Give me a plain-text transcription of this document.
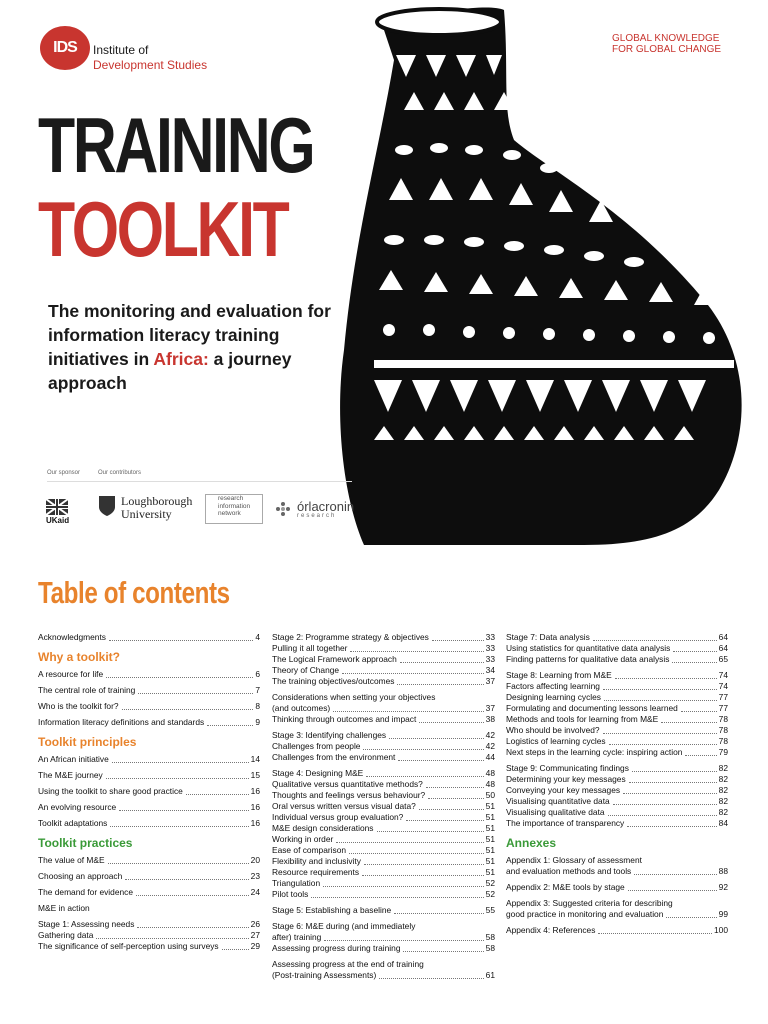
IDS	Institute of
Development Studies
GLOBAL KNOWLEDGE
FOR GLOBAL CHANGE
TRAINING
TOOLKIT
The monitoring and evaluation for information literacy training initiatives in Africa: a journey approach
Our sponsor	Our contributors
UKaid
Loughborough
University
research information network	órlacronin
research
Table of contents
Acknowledgments	4
Why a toolkit?
A resource for life	6
The central role of training	7
Who is the toolkit for?	8
Information literacy definitions and standards	9
Toolkit principles
An African initiative	14
The M&E journey	15
Using the toolkit to share good practice	16
An evolving resource	16
Toolkit adaptations	16
Toolkit practices
The value of M&E	20
Choosing an approach	23
The demand for evidence	24
M&E in action
Stage 1: Assessing needs	26
Gathering data	27
The significance of self-perception using surveys	29
Stage 2: Programme strategy & objectives	33
Pulling it all together	33
The Logical Framework approach	33
Theory of Change	34
The training objectives/outcomes	37
Considerations when setting your objectives
(and outcomes)	37
Thinking through outcomes and impact	38
Stage 3: Identifying challenges	42
Challenges from people	42
Challenges from the environment	44
Stage 4: Designing M&E	48
Qualitative versus quantitative methods?	48
Thoughts and feelings versus behaviour?	50
Oral versus written versus visual data?	51
Individual versus group evaluation?	51
M&E design considerations	51
Working in order	51
Ease of comparison	51
Flexibility and inclusivity	51
Resource requirements	51
Triangulation	52
Pilot tools	52
Stage 5: Establishing a baseline	55
Stage 6: M&E during (and immediately
after) training	58
Assessing progress during training	58
Assessing progress at the end of training
(Post-training Assessments)	61
Stage 7: Data analysis	64
Using statistics for quantitative data analysis	64
Finding patterns for qualitative data analysis	65
Stage 8: Learning from M&E	74
Factors affecting learning	74
Designing learning cycles	77
Formulating and documenting lessons learned	77
Methods and tools for learning from M&E	78
Who should be involved?	78
Logistics of learning cycles	78
Next steps in the learning cycle: inspiring action	79
Stage 9: Communicating findings	82
Determining your key messages	82
Conveying your key messages	82
Visualising quantitative data	82
Visualising qualitative data	82
The importance of transparency	84
Annexes
Appendix 1: Glossary of assessment
and evaluation methods and tools	88
Appendix 2: M&E tools by stage	92
Appendix 3: Suggested criteria for describing
good practice in monitoring and evaluation	99
Appendix 4: References	100
